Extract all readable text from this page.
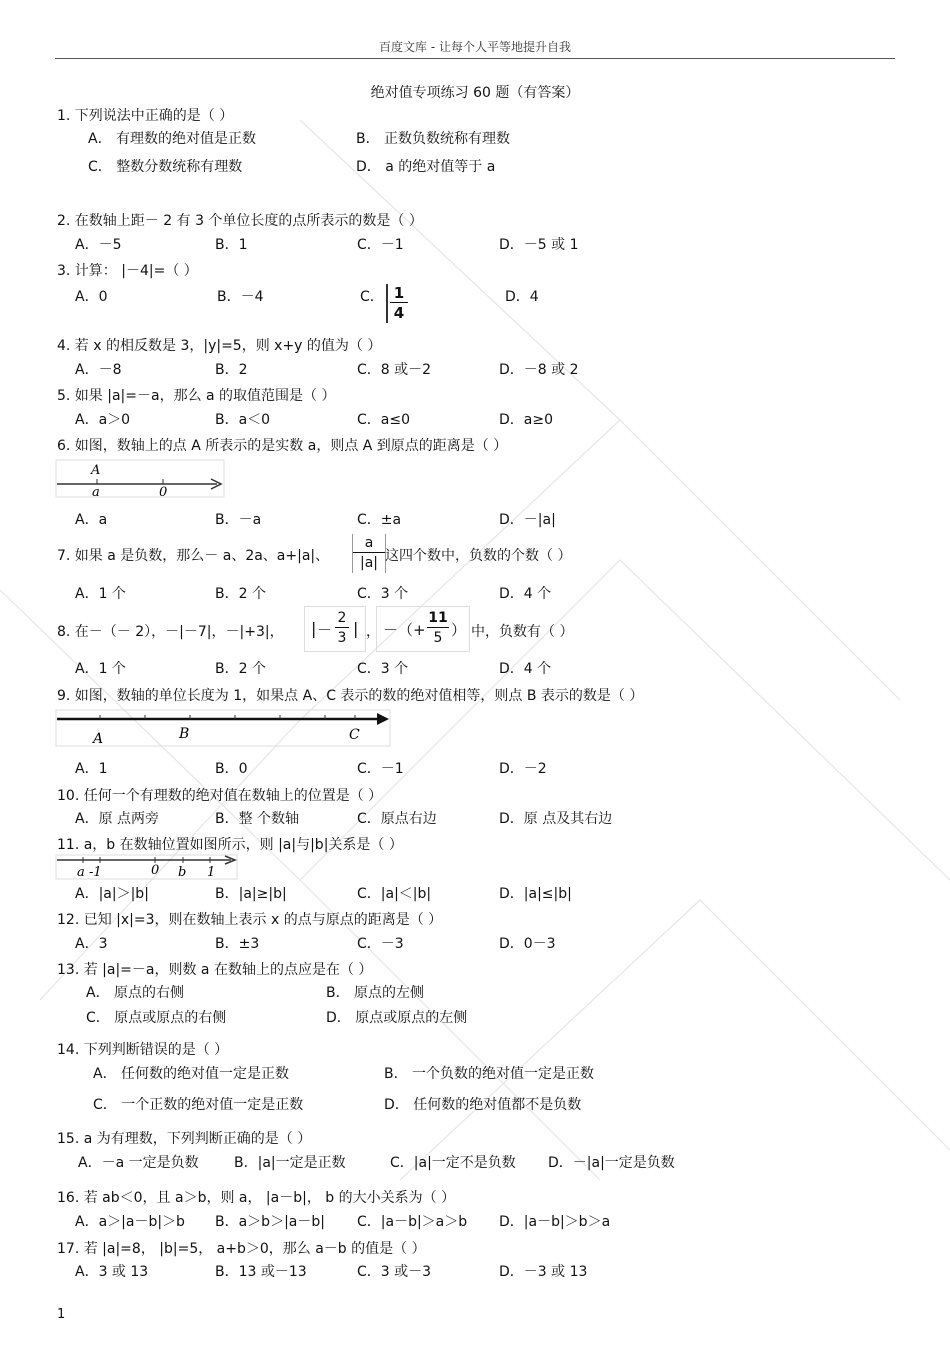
百度文库 - 让每个人平等地提升自我
绝对值专项练习 60 题（有答案）
1. 下列说法中正确的是（ ）
A． 有理数的绝对值是正数	B． 正数负数统称有理数
C． 整数分数统称有理数	D． a 的绝对值等于 a
2. 在数轴上距－ 2 有 3 个单位长度的点所表示的数是（ ）
A．－5	B．1	C．－1	D．－5 或 1
3. 计算： |－4|=（ ）
A．0	B．－4	C． $\frac{1}{4}$	D．4
4. 若 x 的相反数是 3，|y|=5，则 x+y 的值为（ ）
A．－8	B．2	C．8 或－2	D．－8 或 2
5. 如果 |a|=－a，那么 a 的取值范围是（ ）
A．a＞0	B．a＜0	C．a≤0	D．a≥0
6. 如图，数轴上的点 A 所表示的是实数 a，则点 A 到原点的距离是（ ）
A
a	0
A．a	B．－a	C．±a	D．－|a|
7. 如果 a 是负数，那么－ a、2a、a+|a|、 $\frac{a}{|a|}$ 这四个数中，负数的个数（ ）
A．1 个	B．2 个	C．3 个	D．4 个
8. 在－（－ 2），－|－7|，－|+3|， | － $\frac{2}{3}$ | ， －（+ $\frac{11}{5}$ ） 中，负数有（ ）
A．1 个	B．2 个	C．3 个	D．4 个
9. 如图，数轴的单位长度为 1，如果点 A、C 表示的数的绝对值相等，则点 B 表示的数是（ ）
A	B	C
A．1	B．0	C．－1	D．－2
10. 任何一个有理数的绝对值在数轴上的位置是（ ）
A．原 点两旁	B．整 个数轴	C．原点右边	D．原 点及其右边
11. a，b 在数轴位置如图所示，则 |a|与|b|关系是（ ）
a -1	0 b 1
A．|a|＞|b|	B．|a|≥|b|	C．|a|＜|b|	D．|a|≤|b|
12. 已知 |x|=3，则在数轴上表示 x 的点与原点的距离是（ ）
A．3	B．±3	C．－3	D．0－3
13. 若 |a|=－a，则数 a 在数轴上的点应是在（ ）
A． 原点的右侧	B． 原点的左侧
C． 原点或原点的右侧	D． 原点或原点的左侧
14. 下列判断错误的是（ ）
A． 任何数的绝对值一定是正数	B． 一个负数的绝对值一定是正数
C． 一个正数的绝对值一定是正数	D． 任何数的绝对值都不是负数
15. a 为有理数，下列判断正确的是（ ）
A．－a 一定是负数	B．|a|一定是正数	C．|a|一定不是负数 D．－|a|一定是负数
16. 若 ab＜0，且 a＞b，则 a， |a－b|， b 的大小关系为（ ）
A．a＞|a－b|＞b B．a＞b＞|a－b| C．|a－b|＞a＞b D．|a－b|＞b＞a
17. 若 |a|=8， |b|=5， a+b＞0，那么 a－b 的值是（ ）
A．3 或 13	B．13 或－13	C．3 或－3	D．－3 或 13
1
